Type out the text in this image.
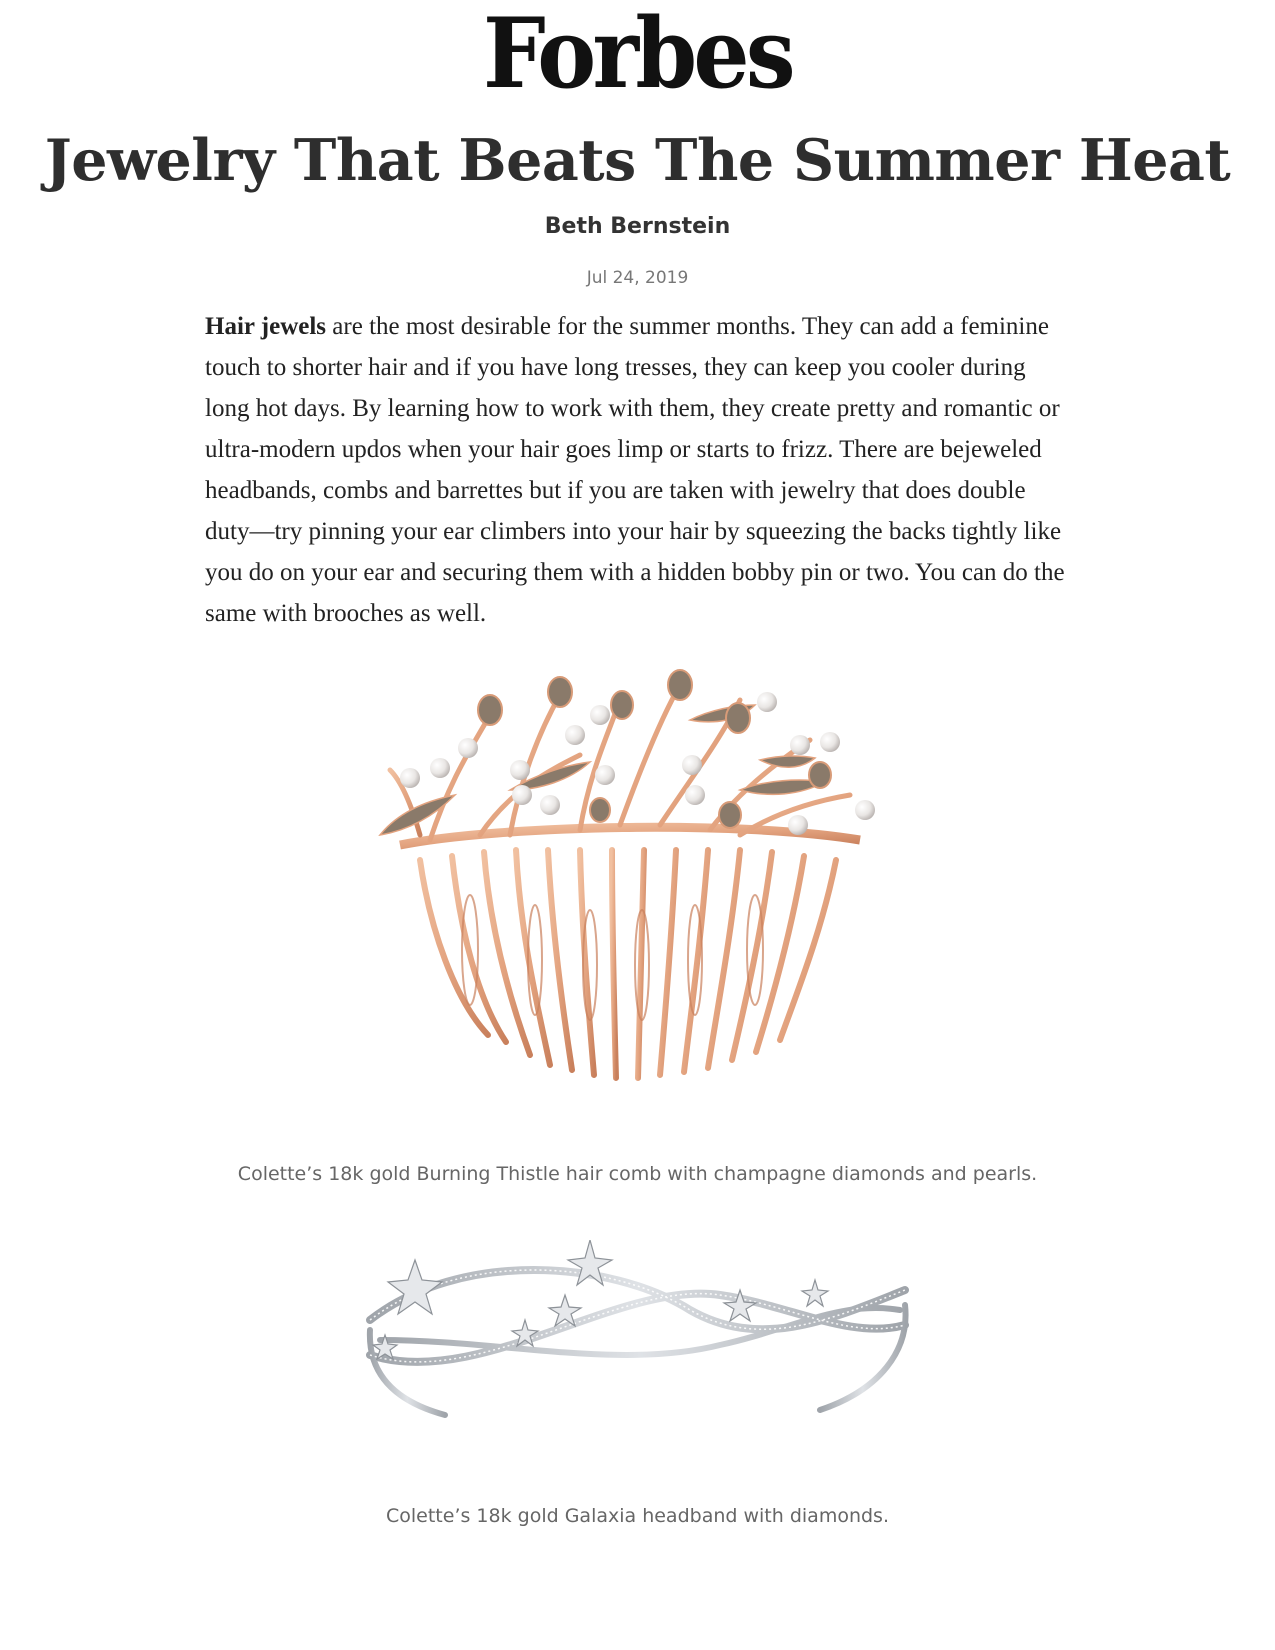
Forbes
Jewelry That Beats The Summer Heat
Beth Bernstein
Jul 24, 2019

Hair jewels are the most desirable for the summer months. They can add a feminine touch to shorter hair and if you have long tresses, they can keep you cooler during long hot days. By learning how to work with them, they create pretty and romantic or ultra-modern updos when your hair goes limp or starts to frizz. There are bejeweled headbands, combs and barrettes but if you are taken with jewelry that does double duty—try pinning your ear climbers into your hair by squeezing the backs tightly like you do on your ear and securing them with a hidden bobby pin or two. You can do the same with brooches as well.

Colette’s 18k gold Burning Thistle hair comb with champagne diamonds and pearls.
Colette’s 18k gold Galaxia headband with diamonds.
